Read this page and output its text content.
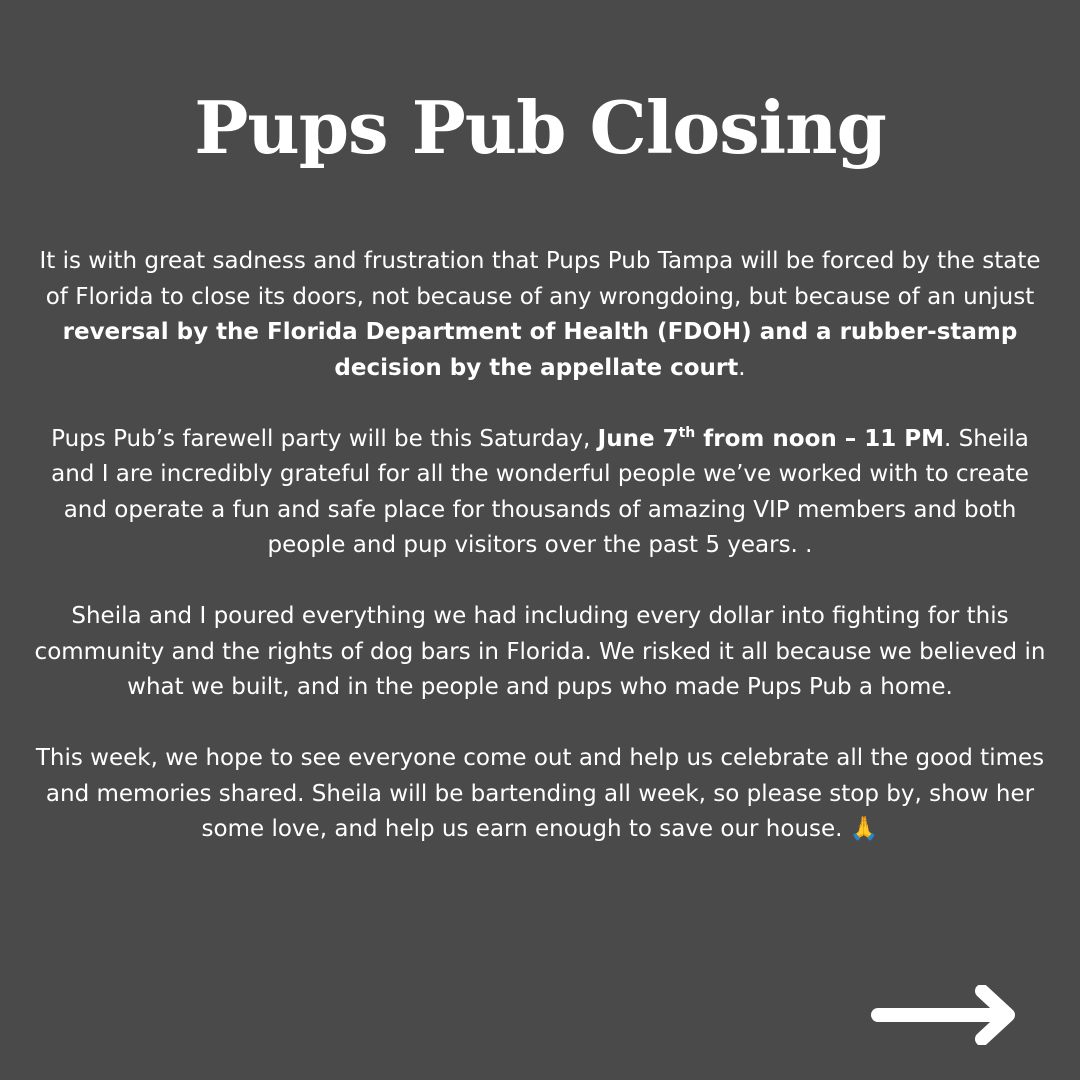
Pups Pub Closing

It is with great sadness and frustration that Pups Pub Tampa will be forced by the state of Florida to close its doors, not because of any wrongdoing, but because of an unjust reversal by the Florida Department of Health (FDOH) and a rubber-stamp decision by the appellate court.

Pups Pub’s farewell party will be this Saturday, June 7th from noon – 11 PM. Sheila and I are incredibly grateful for all the wonderful people we’ve worked with to create and operate a fun and safe place for thousands of amazing VIP members and both people and pup visitors over the past 5 years. .

Sheila and I poured everything we had including every dollar into fighting for this community and the rights of dog bars in Florida. We risked it all because we believed in what we built, and in the people and pups who made Pups Pub a home.

This week, we hope to see everyone come out and help us celebrate all the good times and memories shared. Sheila will be bartending all week, so please stop by, show her some love, and help us earn enough to save our house. 🙏
